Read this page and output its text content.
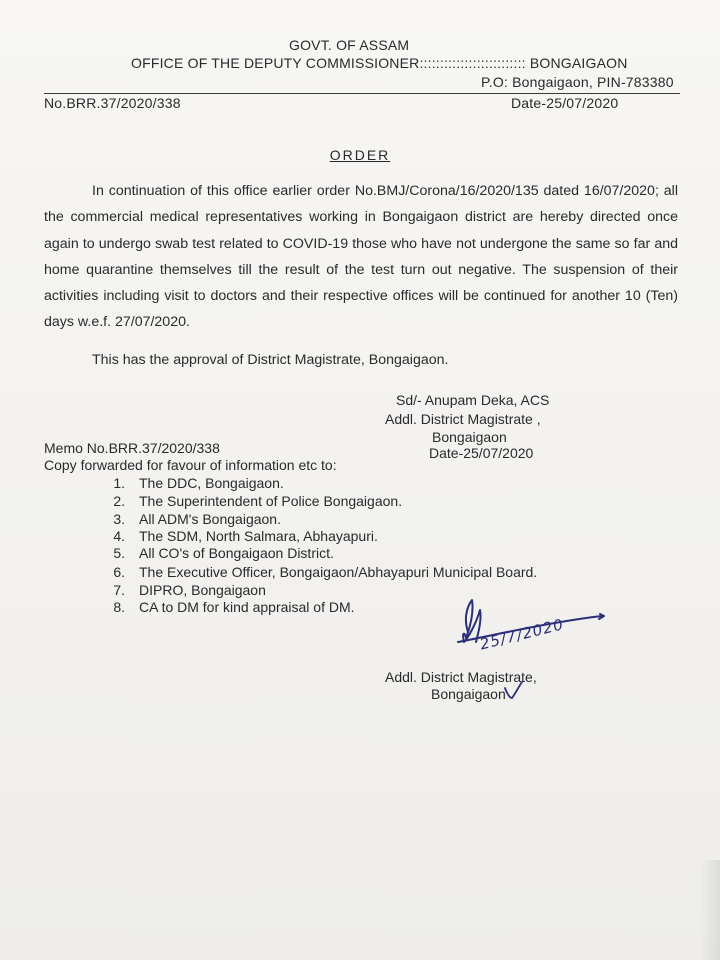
GOVT. OF ASSAM
OFFICE OF THE DEPUTY COMMISSIONER:::::::::::::::::::::::::: BONGAIGAON
P.O: Bongaigaon, PIN-783380
No.BRR.37/2020/338	Date-25/07/2020
ORDER
In continuation of this office earlier order No.BMJ/Corona/16/2020/135 dated 16/07/2020; all the commercial medical representatives working in Bongaigaon district are hereby directed once again to undergo swab test related to COVID-19 those who have not undergone the same so far and home quarantine themselves till the result of the test turn out negative. The suspension of their activities including visit to doctors and their respective offices will be continued for another 10 (Ten) days w.e.f. 27/07/2020.
This has the approval of District Magistrate, Bongaigaon.
Sd/- Anupam Deka, ACS
Addl. District Magistrate ,
Bongaigaon
Date-25/07/2020
Memo No.BRR.37/2020/338
Copy forwarded for favour of information etc to:
1. The DDC, Bongaigaon.
2. The Superintendent of Police Bongaigaon.
3. All ADM's Bongaigaon.
4. The SDM, North Salmara, Abhayapuri.
5. All CO's of Bongaigaon District.
6. The Executive Officer, Bongaigaon/Abhayapuri Municipal Board.
7. DIPRO, Bongaigaon
8. CA to DM for kind appraisal of DM.
25/7/2020
Addl. District Magistrate,
Bongaigaon
